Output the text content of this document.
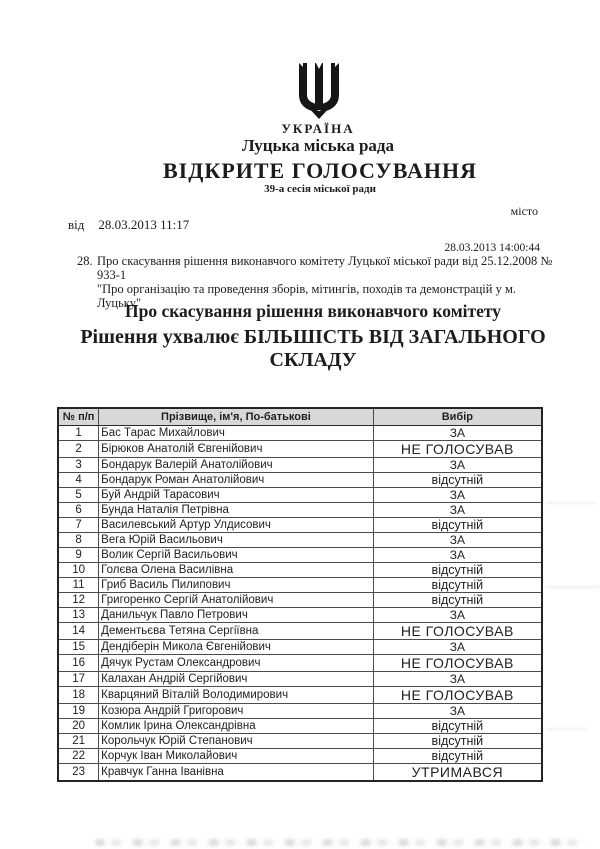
УКРАЇНА
Луцька міська рада
ВІДКРИТЕ ГОЛОСУВАННЯ
39-а сесія міської ради
місто
від 28.03.2013 11:17
28.03.2013 14:00:44
28. Про скасування рішення виконавчого комітету Луцької міської ради від 25.12.2008 № 933-1
"Про організацію та проведення зборів, мітингів, походів та демонстрацій у м. Луцьку"
Про скасування рішення виконавчого комітету
Рішення ухвалює БІЛЬШІСТЬ ВІД ЗАГАЛЬНОГО
СКЛАДУ
№ п/п	Прізвище, ім'я, По-батькові	Вибір
1	Бас Тарас Михайлович	ЗА
2	Бірюков Анатолій Євгенійович	НЕ ГОЛОСУВАВ
3	Бондарук Валерій Анатолійович	ЗА
4	Бондарук Роман Анатолійович	відсутній
5	Буй Андрій Тарасович	ЗА
6	Бунда Наталія Петрівна	ЗА
7	Василевський Артур Улдисович	відсутній
8	Вега Юрій Васильович	ЗА
9	Волик Сергій Васильович	ЗА
10	Голєва Олена Василівна	відсутній
11	Гриб Василь Пилипович	відсутній
12	Григоренко Сергій Анатолійович	відсутній
13	Данильчук Павло Петрович	ЗА
14	Дементьєва Тетяна Сергіївна	НЕ ГОЛОСУВАВ
15	Дендіберін Микола Євгенійович	ЗА
16	Дячук Рустам Олександрович	НЕ ГОЛОСУВАВ
17	Калахан Андрій Сергійович	ЗА
18	Кварцяний Віталій Володимирович	НЕ ГОЛОСУВАВ
19	Козюра Андрій Григорович	ЗА
20	Комлик Ірина Олександрівна	відсутній
21	Корольчук Юрій Степанович	відсутній
22	Корчук Іван Миколайович	відсутній
23	Кравчук Ганна Іванівна	УТРИМАВСЯ
